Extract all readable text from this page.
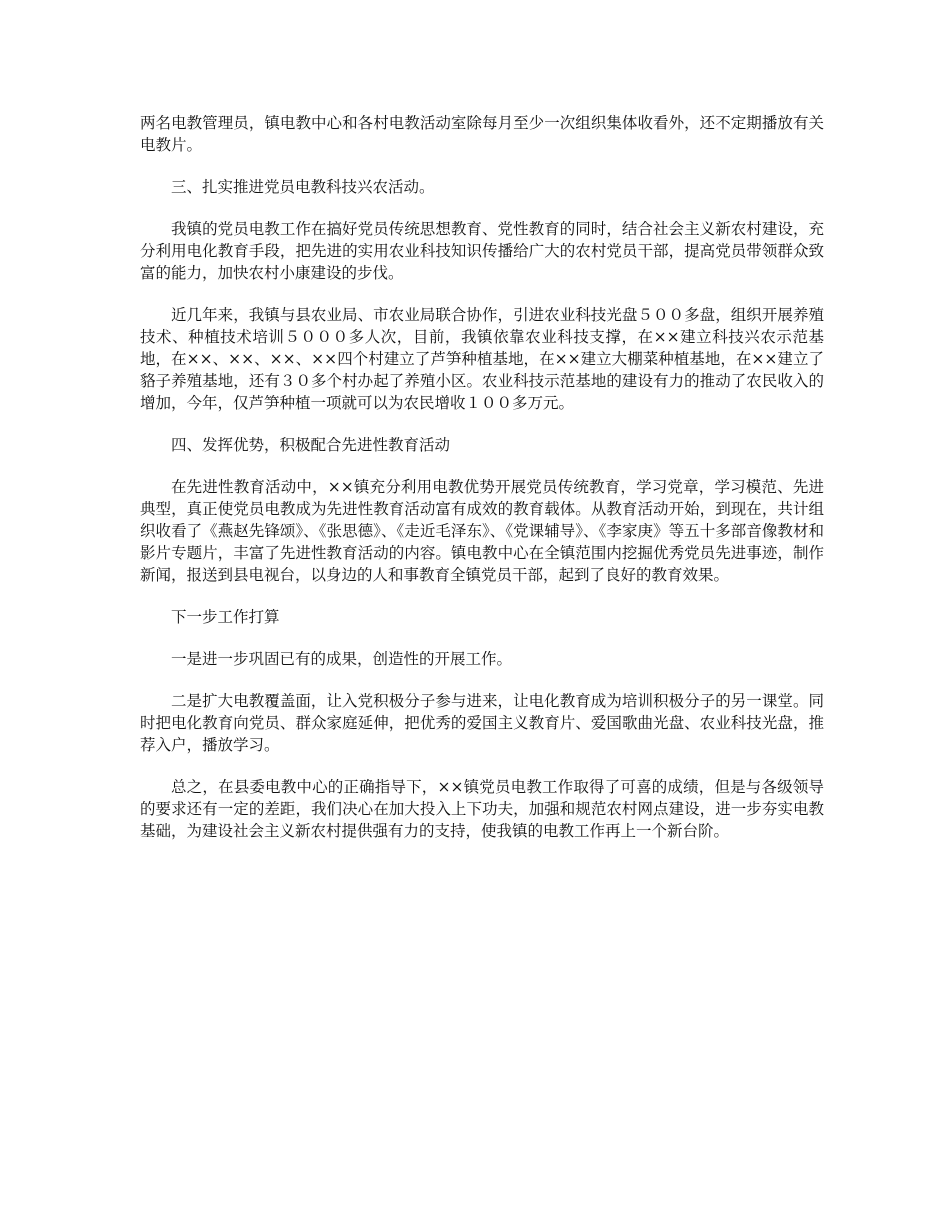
两名电教管理员，镇电教中心和各村电教活动室除每月至少一次组织集体收看外，还不定期播放有关电教片。

三、扎实推进党员电教科技兴农活动。

我镇的党员电教工作在搞好党员传统思想教育、党性教育的同时，结合社会主义新农村建设，充分利用电化教育手段，把先进的实用农业科技知识传播给广大的农村党员干部，提高党员带领群众致富的能力，加快农村小康建设的步伐。

近几年来，我镇与县农业局、市农业局联合协作，引进农业科技光盘５００多盘，组织开展养殖技术、种植技术培训５０００多人次，目前，我镇依靠农业科技支撑，在××建立科技兴农示范基地，在××、××、××、××四个村建立了芦笋种植基地，在××建立大棚菜种植基地，在××建立了貉子养殖基地，还有３０多个村办起了养殖小区。农业科技示范基地的建设有力的推动了农民收入的增加，今年，仅芦笋种植一项就可以为农民增收１００多万元。

四、发挥优势，积极配合先进性教育活动

在先进性教育活动中，××镇充分利用电教优势开展党员传统教育，学习党章，学习模范、先进典型，真正使党员电教成为先进性教育活动富有成效的教育载体。从教育活动开始，到现在，共计组织收看了《燕赵先锋颂》、《张思德》、《走近毛泽东》、《党课辅导》、《李家庚》等五十多部音像教材和影片专题片，丰富了先进性教育活动的内容。镇电教中心在全镇范围内挖掘优秀党员先进事迹，制作新闻，报送到县电视台，以身边的人和事教育全镇党员干部，起到了良好的教育效果。

下一步工作打算

一是进一步巩固已有的成果，创造性的开展工作。

二是扩大电教覆盖面，让入党积极分子参与进来，让电化教育成为培训积极分子的另一课堂。同时把电化教育向党员、群众家庭延伸，把优秀的爱国主义教育片、爱国歌曲光盘、农业科技光盘，推荐入户，播放学习。

总之，在县委电教中心的正确指导下，××镇党员电教工作取得了可喜的成绩，但是与各级领导的要求还有一定的差距，我们决心在加大投入上下功夫，加强和规范农村网点建设，进一步夯实电教基础，为建设社会主义新农村提供强有力的支持，使我镇的电教工作再上一个新台阶。
